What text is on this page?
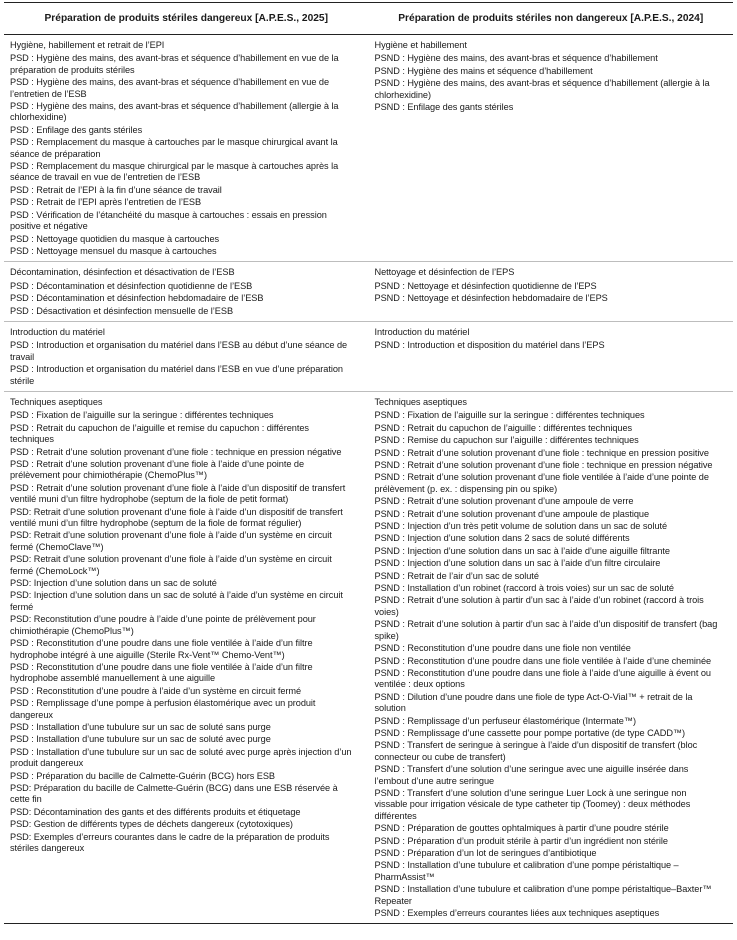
Préparation de produits stériles dangereux [A.P.E.S., 2025]	Préparation de produits stériles non dangereux [A.P.E.S., 2024]
Hygiène, habillement et retrait de l’EPI
PSD : Hygiène des mains, des avant-bras et séquence d’habillement en vue de la préparation de produits stériles
PSD : Hygiène des mains, des avant-bras et séquence d’habillement en vue de l’entretien de l’ESB
PSD : Hygiène des mains, des avant-bras et séquence d’habillement (allergie à la chlorhexidine)
PSD : Enfilage des gants stériles
PSD : Remplacement du masque à cartouches par le masque chirurgical avant la séance de préparation
PSD : Remplacement du masque chirurgical par le masque à cartouches après la séance de travail en vue de l’entretien de l’ESB
PSD : Retrait de l’EPI à la fin d’une séance de travail
PSD : Retrait de l’EPI après l’entretien de l’ESB
PSD : Vérification de l’étanchéité du masque à cartouches : essais en pression positive et négative
PSD : Nettoyage quotidien du masque à cartouches
PSD : Nettoyage mensuel du masque à cartouches
Hygiène et habillement
PSND : Hygiène des mains, des avant-bras et séquence d’habillement
PSND : Hygiène des mains et séquence d’habillement
PSND : Hygiène des mains, des avant-bras et séquence d’habillement (allergie à la chlorhexidine)
PSND : Enfilage des gants stériles
Décontamination, désinfection et désactivation de l’ESB
PSD : Décontamination et désinfection quotidienne de l’ESB
PSD : Décontamination et désinfection hebdomadaire de l’ESB
PSD : Désactivation et désinfection mensuelle de l’ESB
Nettoyage et désinfection de l’EPS
PSND : Nettoyage et désinfection quotidienne de l’EPS
PSND : Nettoyage et désinfection hebdomadaire de l’EPS
Introduction du matériel
PSD : Introduction et organisation du matériel dans l’ESB au début d’une séance de travail
PSD : Introduction et organisation du matériel dans l’ESB en vue d’une préparation stérile
Introduction du matériel
PSND : Introduction et disposition du matériel dans l’EPS
Techniques aseptiques
PSD : Fixation de l’aiguille sur la seringue : différentes techniques
PSD : Retrait du capuchon de l’aiguille et remise du capuchon : différentes techniques
PSD : Retrait d’une solution provenant d’une fiole : technique en pression négative
PSD : Retrait d’une solution provenant d’une fiole à l’aide d’une pointe de prélèvement pour chimiothérapie (ChemoPlus™)
PSD : Retrait d’une solution provenant d’une fiole à l’aide d’un dispositif de transfert ventilé muni d’un filtre hydrophobe (septum de la fiole de petit format)
PSD: Retrait d’une solution provenant d’une fiole à l’aide d’un dispositif de transfert ventilé muni d’un filtre hydrophobe (septum de la fiole de format régulier)
PSD: Retrait d’une solution provenant d’une fiole à l’aide d’un système en circuit fermé (ChemoClave™)
PSD: Retrait d’une solution provenant d’une fiole à l’aide d’un système en circuit fermé (ChemoLock™)
PSD: Injection d’une solution dans un sac de soluté
PSD: Injection d’une solution dans un sac de soluté à l’aide d’un système en circuit fermé
PSD: Reconstitution d’une poudre à l’aide d’une pointe de prélèvement pour chimiothérapie (ChemoPlus™)
PSD : Reconstitution d’une poudre dans une fiole ventilée à l’aide d’un filtre hydrophobe intégré à une aiguille (Sterile Rx-Vent™ Chemo-Vent™)
PSD : Reconstitution d’une poudre dans une fiole ventilée à l’aide d’un filtre hydrophobe assemblé manuellement à une aiguille
PSD : Reconstitution d’une poudre à l’aide d’un système en circuit fermé
PSD : Remplissage d’une pompe à perfusion élastomérique avec un produit dangereux
PSD : Installation d’une tubulure sur un sac de soluté sans purge
PSD : Installation d’une tubulure sur un sac de soluté avec purge
PSD : Installation d’une tubulure sur un sac de soluté avec purge après injection d’un produit dangereux
PSD : Préparation du bacille de Calmette-Guérin (BCG) hors ESB
PSD: Préparation du bacille de Calmette-Guérin (BCG) dans une ESB réservée à cette fin
PSD: Décontamination des gants et des différents produits et étiquetage
PSD: Gestion de différents types de déchets dangereux (cytotoxiques)
PSD: Exemples d’erreurs courantes dans le cadre de la préparation de produits stériles dangereux
Techniques aseptiques
PSND : Fixation de l’aiguille sur la seringue : différentes techniques
PSND : Retrait du capuchon de l’aiguille : différentes techniques
PSND : Remise du capuchon sur l’aiguille : différentes techniques
PSND : Retrait d’une solution provenant d’une fiole : technique en pression positive
PSND : Retrait d’une solution provenant d’une fiole : technique en pression négative
PSND : Retrait d’une solution provenant d’une fiole ventilée à l’aide d’une pointe de prélèvement (p. ex. : dispensing pin ou spike)
PSND : Retrait d’une solution provenant d’une ampoule de verre
PSND : Retrait d’une solution provenant d’une ampoule de plastique
PSND : Injection d’un très petit volume de solution dans un sac de soluté
PSND : Injection d’une solution dans 2 sacs de soluté différents
PSND : Injection d’une solution dans un sac à l’aide d’une aiguille filtrante
PSND : Injection d’une solution dans un sac à l’aide d’un filtre circulaire
PSND : Retrait de l’air d’un sac de soluté
PSND : Installation d’un robinet (raccord à trois voies) sur un sac de soluté
PSND : Retrait d’une solution à partir d’un sac à l’aide d’un robinet (raccord à trois voies)
PSND : Retrait d’une solution à partir d’un sac à l’aide d’un dispositif de transfert (bag spike)
PSND : Reconstitution d’une poudre dans une fiole non ventilée
PSND : Reconstitution d’une poudre dans une fiole ventilée à l’aide d’une cheminée
PSND : Reconstitution d’une poudre dans une fiole à l’aide d’une aiguille à évent ou ventilée : deux options
PSND : Dilution d’une poudre dans une fiole de type Act-O-Vial™ + retrait de la solution
PSND : Remplissage d’un perfuseur élastomérique (Intermate™)
PSND : Remplissage d’une cassette pour pompe portative (de type CADD™)
PSND : Transfert de seringue à seringue à l’aide d’un dispositif de transfert (bloc connecteur ou cube de transfert)
PSND : Transfert d’une solution d’une seringue avec une aiguille insérée dans l’embout d’une autre seringue
PSND : Transfert d’une solution d’une seringue Luer Lock à une seringue non vissable pour irrigation vésicale de type catheter tip (Toomey) : deux méthodes différentes
PSND : Préparation de gouttes ophtalmiques à partir d’une poudre stérile
PSND : Préparation d’un produit stérile à partir d’un ingrédient non stérile
PSND : Préparation d’un lot de seringues d’antibiotique
PSND : Installation d’une tubulure et calibration d’une pompe péristaltique – PharmAssist™
PSND : Installation d’une tubulure et calibration d’une pompe péristaltique–Baxter™ Repeater
PSND : Exemples d’erreurs courantes liées aux techniques aseptiques
